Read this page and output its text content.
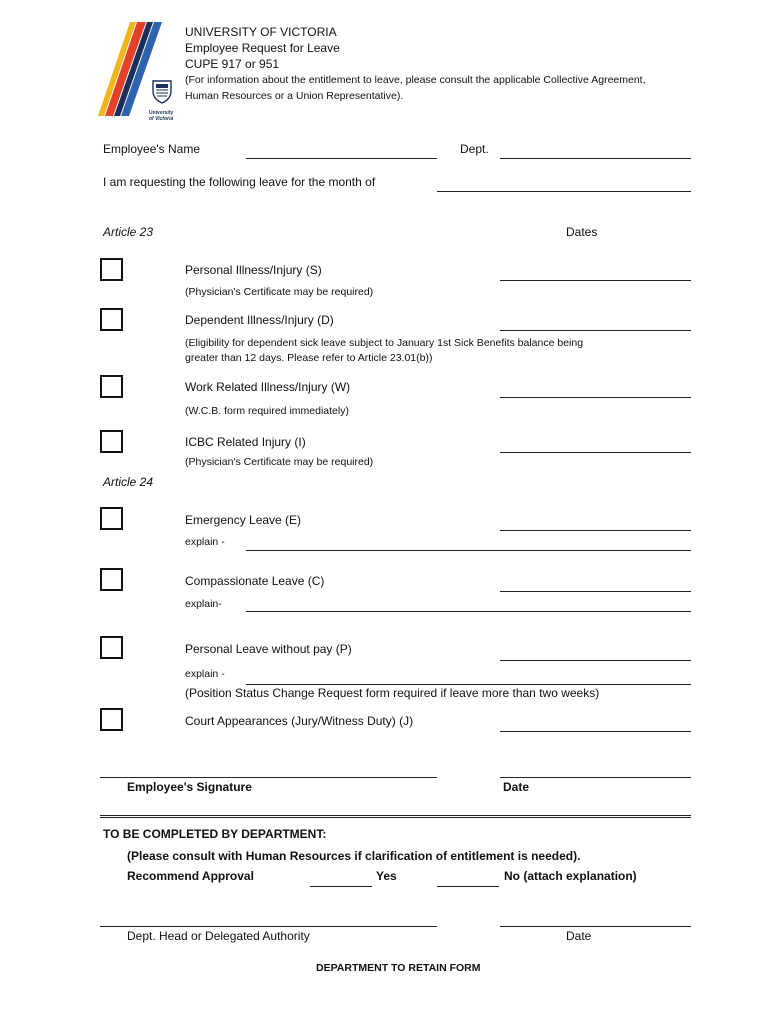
University
of Victoria
UNIVERSITY OF VICTORIA
Employee Request for Leave
CUPE 917 or 951
(For information about the entitlement to leave, please consult the applicable Collective Agreement,
Human Resources or a Union Representative).
Employee's Name	Dept.
I am requesting the following leave for the month of
Article 23	Dates
Personal Illness/Injury (S)
(Physician's Certificate may be required)
Dependent Illness/Injury (D)
(Eligibility for dependent sick leave subject to January 1st Sick Benefits balance being
greater than 12 days. Please refer to Article 23.01(b))
Work Related Illness/Injury (W)
(W.C.B. form required immediately)
ICBC Related Injury (I)
(Physician's Certificate may be required)
Article 24
Emergency Leave (E)
explain -
Compassionate Leave (C)
explain-
Personal Leave without pay (P)
explain -
(Position Status Change Request form required if leave more than two weeks)
Court Appearances (Jury/Witness Duty) (J)
Employee's Signature	Date
TO BE COMPLETED BY DEPARTMENT:
(Please consult with Human Resources if clarification of entitlement is needed).
Recommend Approval	Yes	No (attach explanation)
Dept. Head or Delegated Authority	Date
DEPARTMENT TO RETAIN FORM
